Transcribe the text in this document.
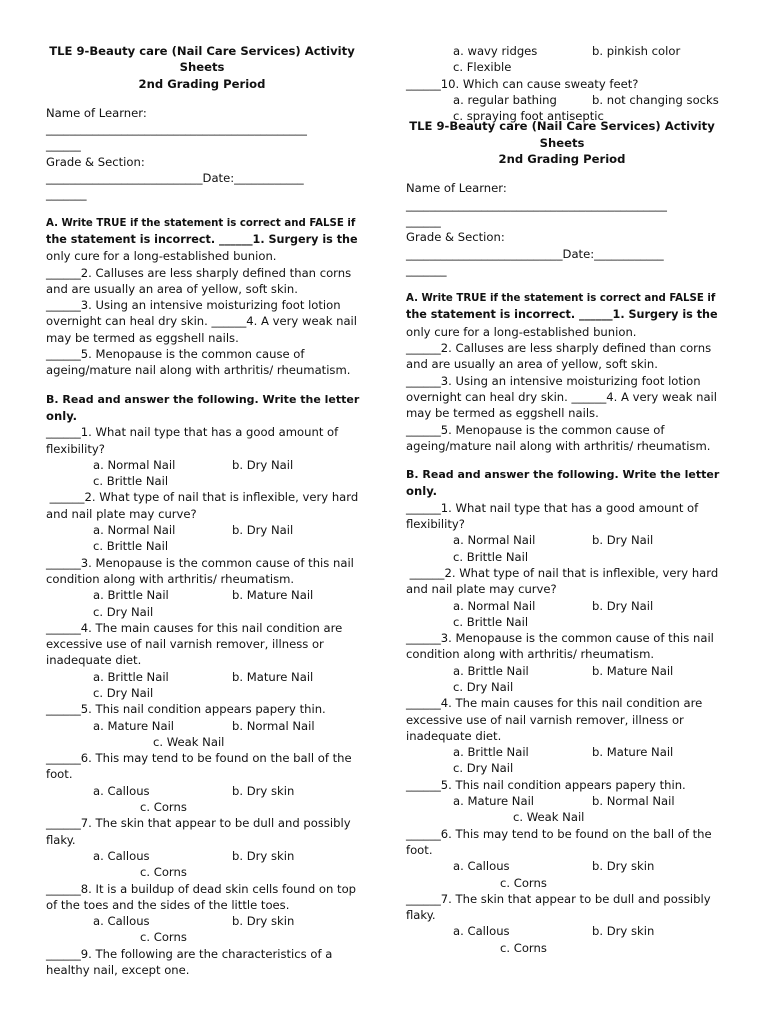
TLE 9-Beauty care (Nail Care Services) Activity
Sheets
2nd Grading Period
Name of Learner:
_____________________________________________
______
Grade & Section:
___________________________Date:____________
_______
A. Write TRUE if the statement is correct and FALSE if
the statement is incorrect. ______1. Surgery is the
only cure for a long-established bunion.
______2. Calluses are less sharply defined than corns
and are usually an area of yellow, soft skin.
______3. Using an intensive moisturizing foot lotion
overnight can heal dry skin. ______4. A very weak nail
may be termed as eggshell nails.
______5. Menopause is the common cause of
ageing/mature nail along with arthritis/ rheumatism.
B. Read and answer the following. Write the letter
only.
______1. What nail type that has a good amount of
flexibility?
a. Normal Nail	b. Dry Nail
c. Brittle Nail
______2. What type of nail that is inflexible, very hard
and nail plate may curve?
a. Normal Nail	b. Dry Nail
c. Brittle Nail
______3. Menopause is the common cause of this nail
condition along with arthritis/ rheumatism.
a. Brittle Nail	b. Mature Nail
c. Dry Nail
______4. The main causes for this nail condition are
excessive use of nail varnish remover, illness or
inadequate diet.
a. Brittle Nail	b. Mature Nail
c. Dry Nail
______5. This nail condition appears papery thin.
a. Mature Nail	b. Normal Nail
c. Weak Nail
______6. This may tend to be found on the ball of the
foot.
a. Callous	b. Dry skin
c. Corns
______7. The skin that appear to be dull and possibly
flaky.
a. Callous	b. Dry skin
c. Corns
______8. It is a buildup of dead skin cells found on top
of the toes and the sides of the little toes.
a. Callous	b. Dry skin
c. Corns
______9. The following are the characteristics of a
healthy nail, except one.
a. wavy ridges	b. pinkish color
c. Flexible
______10. Which can cause sweaty feet?
a. regular bathing	b. not changing socks
c. spraying foot antiseptic
TLE 9-Beauty care (Nail Care Services) Activity
Sheets
2nd Grading Period
Name of Learner:
_____________________________________________
______
Grade & Section:
___________________________Date:____________
_______
A. Write TRUE if the statement is correct and FALSE if
the statement is incorrect. ______1. Surgery is the
only cure for a long-established bunion.
______2. Calluses are less sharply defined than corns
and are usually an area of yellow, soft skin.
______3. Using an intensive moisturizing foot lotion
overnight can heal dry skin. ______4. A very weak nail
may be termed as eggshell nails.
______5. Menopause is the common cause of
ageing/mature nail along with arthritis/ rheumatism.
B. Read and answer the following. Write the letter
only.
______1. What nail type that has a good amount of
flexibility?
a. Normal Nail	b. Dry Nail
c. Brittle Nail
______2. What type of nail that is inflexible, very hard
and nail plate may curve?
a. Normal Nail	b. Dry Nail
c. Brittle Nail
______3. Menopause is the common cause of this nail
condition along with arthritis/ rheumatism.
a. Brittle Nail	b. Mature Nail
c. Dry Nail
______4. The main causes for this nail condition are
excessive use of nail varnish remover, illness or
inadequate diet.
a. Brittle Nail	b. Mature Nail
c. Dry Nail
______5. This nail condition appears papery thin.
a. Mature Nail	b. Normal Nail
c. Weak Nail
______6. This may tend to be found on the ball of the
foot.
a. Callous	b. Dry skin
c. Corns
______7. The skin that appear to be dull and possibly
flaky.
a. Callous	b. Dry skin
c. Corns
